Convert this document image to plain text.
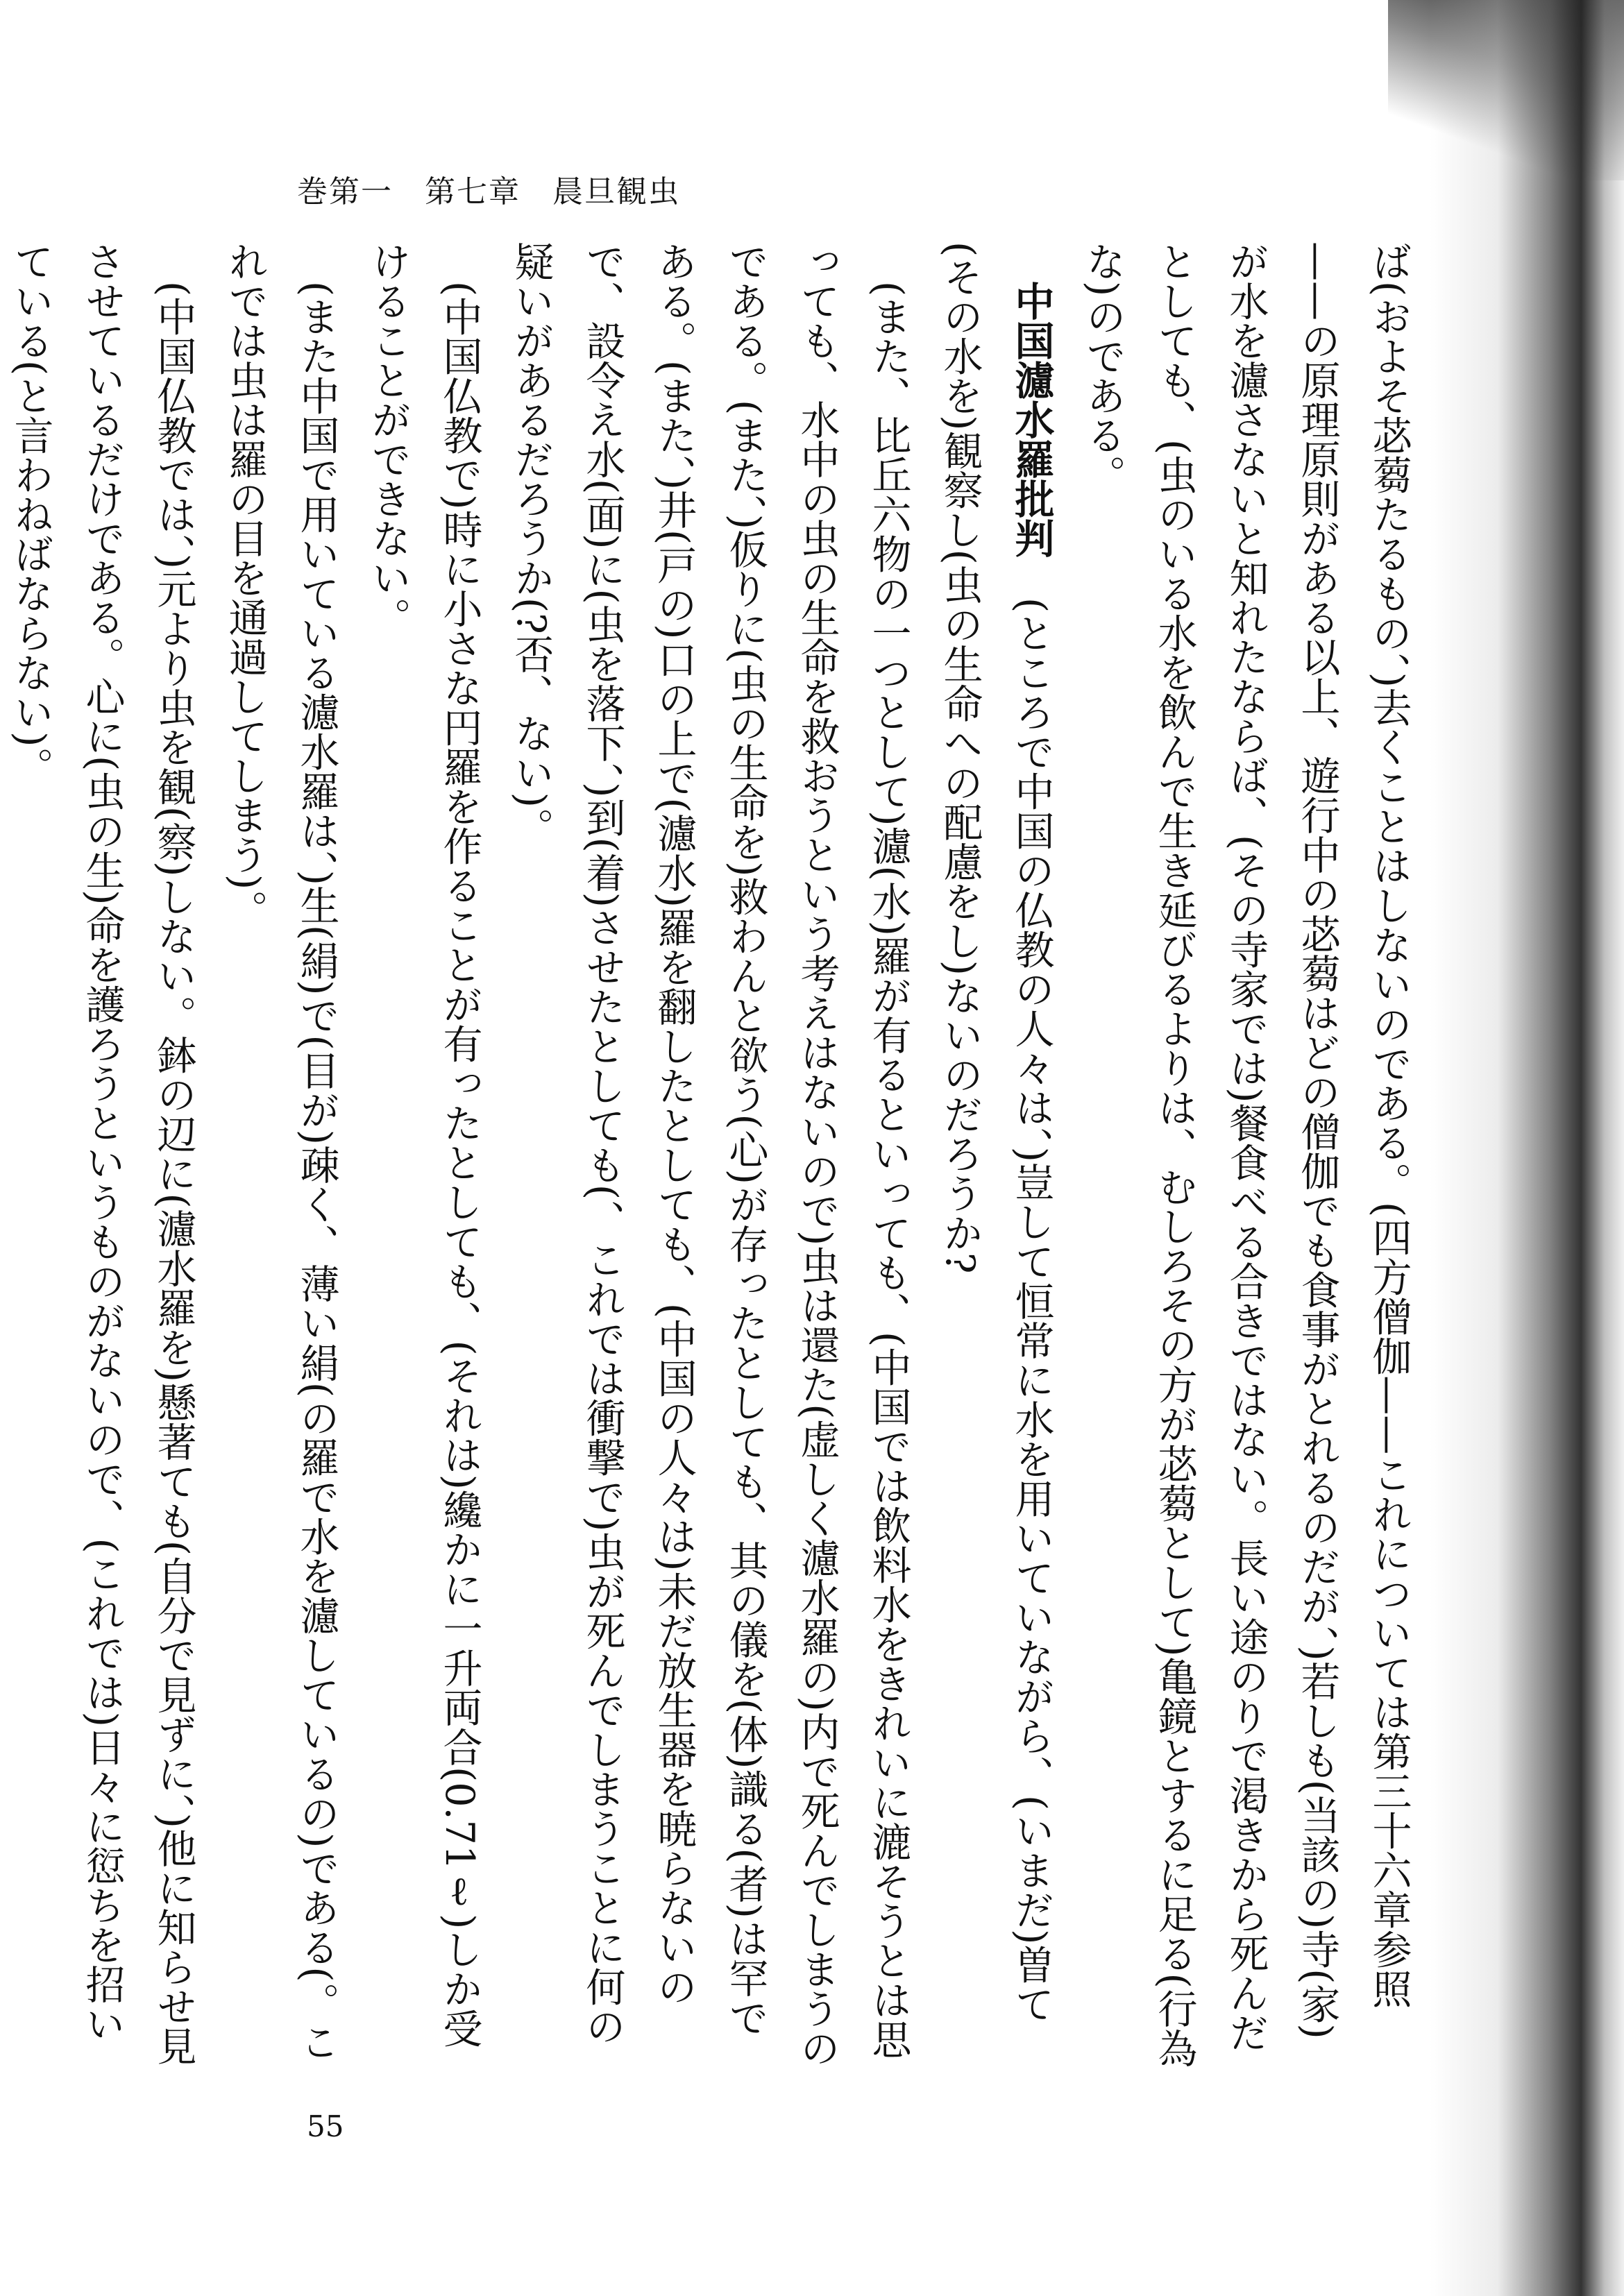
巻第一　第七章　晨旦観虫

ば(およそ苾蒭たるもの、)去くことはしないのである。(四方僧伽——これについては第三十六章参照——の原理原則がある以上、遊行中の苾蒭はどの僧伽でも食事がとれるのだが、)若しも(当該の)寺(家)が水を濾さないと知れたならば、(その寺家では)餐食べる合きではない。長い途のりで渇きから死んだとしても、(虫のいる水を飲んで生き延びるよりは、むしろその方が苾蒭として)亀鏡とするに足る(行為な)のである。

中国濾水羅批判　(ところで中国の仏教の人々は、)豈して恒常に水を用いていながら、(いまだ)曽て(その水を)観察し(虫の生命への配慮をし)ないのだろうか?

(また、比丘六物の一つとして)濾(水)羅が有るといっても、(中国では飲料水をきれいに漉そうとは思っても、水中の虫の生命を救おうという考えはないので)虫は還た(虚しく濾水羅の)内で死んでしまうのである。(また、)仮りに(虫の生命を)救わんと欲う(心)が存ったとしても、其の儀を(体)識る(者)は罕である。(また、)井(戸の)口の上で(濾水)羅を翻したとしても、(中国の人々は)未だ放生器を暁らないので、設令え水(面)に(虫を落下、)到(着)させたとしても(、これでは衝撃で)虫が死んでしまうことに何の疑いがあるだろうか(?否、ない)。

(中国仏教で)時に小さな円羅を作ることが有ったとしても、(それは)纔かに一升両合(0.71ℓ)しか受けることができない。

(また中国で用いている濾水羅は、)生(絹)で(目が)疎く、薄い絹(の羅で水を濾しているの)である(。これでは虫は羅の目を通過してしまう)。

(中国仏教では、)元より虫を観(察)しない。鉢の辺に(濾水羅を)懸著ても(自分で見ずに、)他に知らせ見させているだけである。心に(虫の生)命を護ろうというものがないので、(これでは)日々に愆ちを招いている(と言わねばならない)。

55
